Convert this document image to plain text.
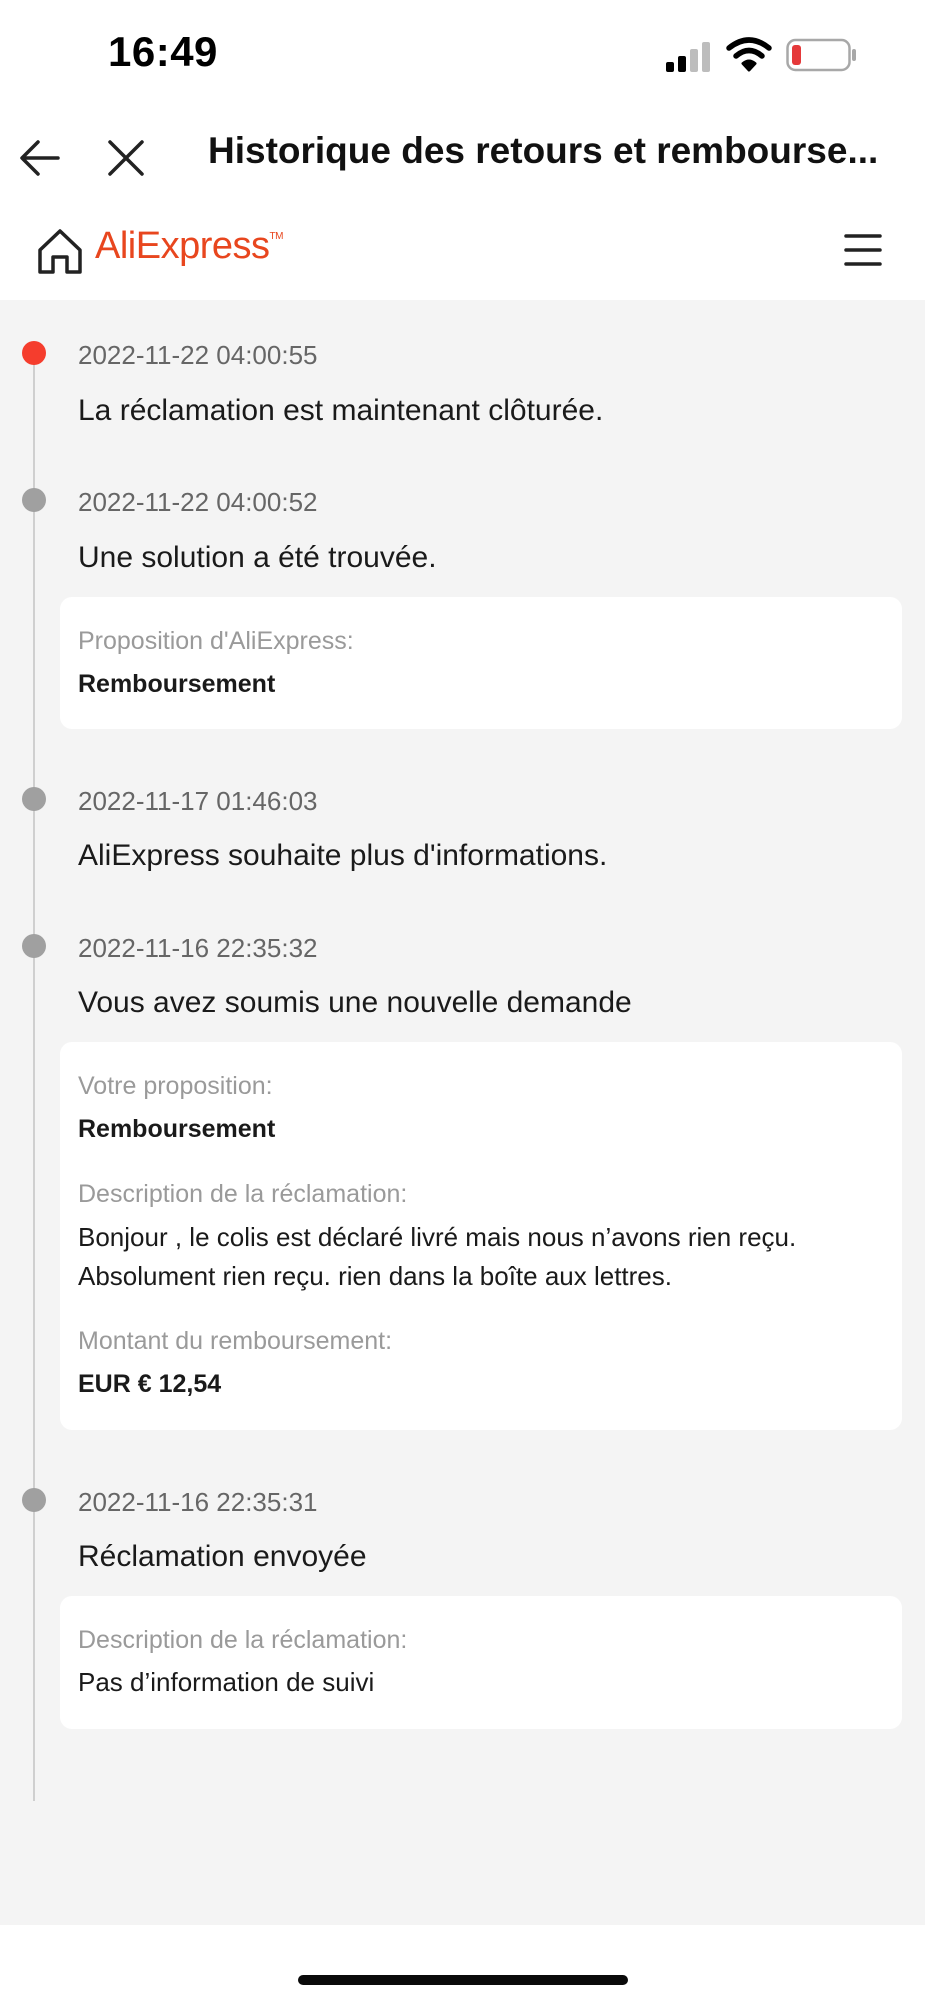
16:49
Historique des retours et rembourse...
AliExpress™
2022-11-22 04:00:55
La réclamation est maintenant clôturée.
2022-11-22 04:00:52
Une solution a été trouvée.
Proposition d'AliExpress:
Remboursement
2022-11-17 01:46:03
AliExpress souhaite plus d'informations.
2022-11-16 22:35:32
Vous avez soumis une nouvelle demande
Votre proposition:
Remboursement
Description de la réclamation:
Bonjour , le colis est déclaré livré mais nous n’avons rien reçu. Absolument rien reçu. rien dans la boîte aux lettres.
Montant du remboursement:
EUR € 12,54
2022-11-16 22:35:31
Réclamation envoyée
Description de la réclamation:
Pas d’information de suivi
